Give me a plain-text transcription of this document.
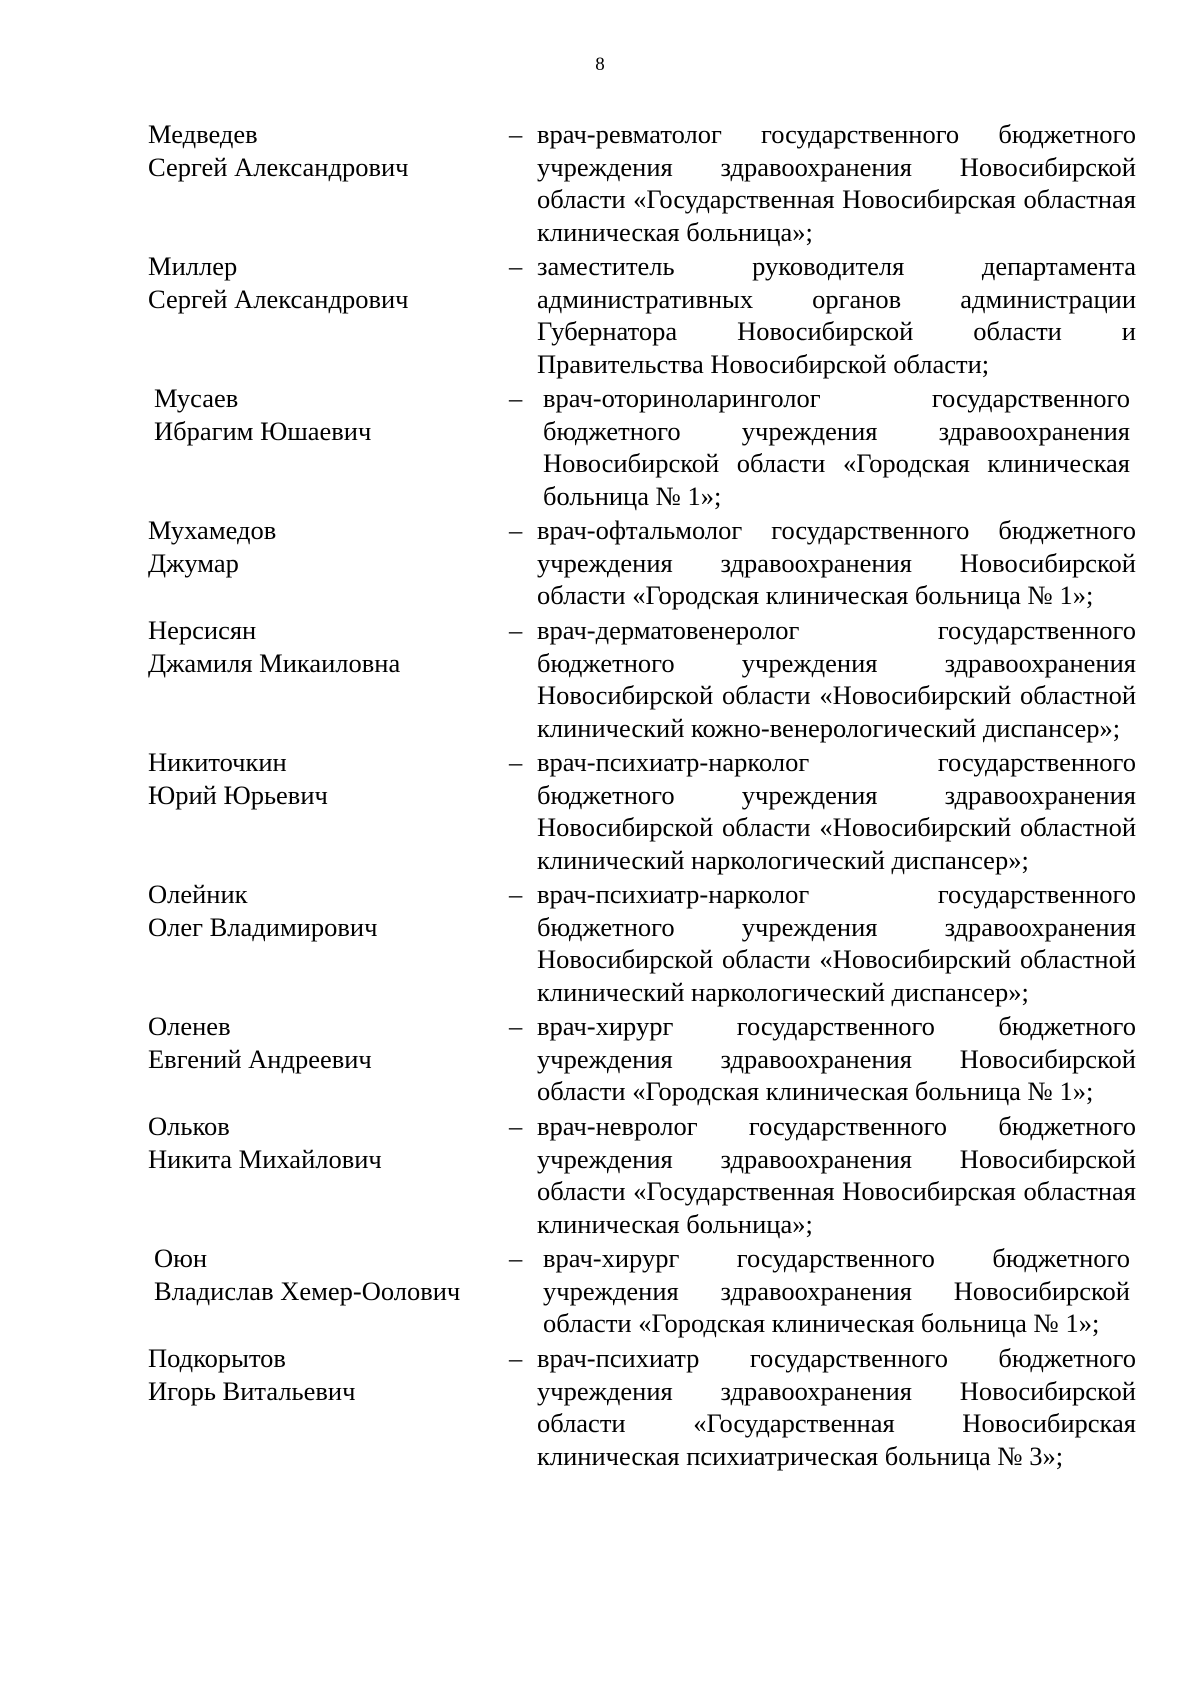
8
Медведев
Сергей Александрович
– врач-ревматолог государственного бюджетного учреждения здравоохранения Новосибирской области «Государственная Новосибирская областная клиническая больница»;
Миллер
Сергей Александрович
– заместитель руководителя департамента административных органов администрации Губернатора Новосибирской области и Правительства Новосибирской области;
Мусаев
Ибрагим Юшаевич
– врач-оториноларинголог государственного бюджетного учреждения здравоохранения Новосибирской области «Городская клиническая больница № 1»;
Мухамедов
Джумар
– врач-офтальмолог государственного бюджетного учреждения здравоохранения Новосибирской области «Городская клиническая больница № 1»;
Нерсисян
Джамиля Микаиловна
– врач-дерматовенеролог государственного бюджетного учреждения здравоохранения Новосибирской области «Новосибирский областной клинический кожно-венерологический диспансер»;
Никиточкин
Юрий Юрьевич
– врач-психиатр-нарколог государственного бюджетного учреждения здравоохранения Новосибирской области «Новосибирский областной клинический наркологический диспансер»;
Олейник
Олег Владимирович
– врач-психиатр-нарколог государственного бюджетного учреждения здравоохранения Новосибирской области «Новосибирский областной клинический наркологический диспансер»;
Оленев
Евгений Андреевич
– врач-хирург государственного бюджетного учреждения здравоохранения Новосибирской области «Городская клиническая больница № 1»;
Ольков
Никита Михайлович
– врач-невролог государственного бюджетного учреждения здравоохранения Новосибирской области «Государственная Новосибирская областная клиническая больница»;
Оюн
Владислав Хемер-Оолович
– врач-хирург государственного бюджетного учреждения здравоохранения Новосибирской области «Городская клиническая больница № 1»;
Подкорытов
Игорь Витальевич
– врач-психиатр государственного бюджетного учреждения здравоохранения Новосибирской области «Государственная Новосибирская клиническая психиатрическая больница № 3»;
